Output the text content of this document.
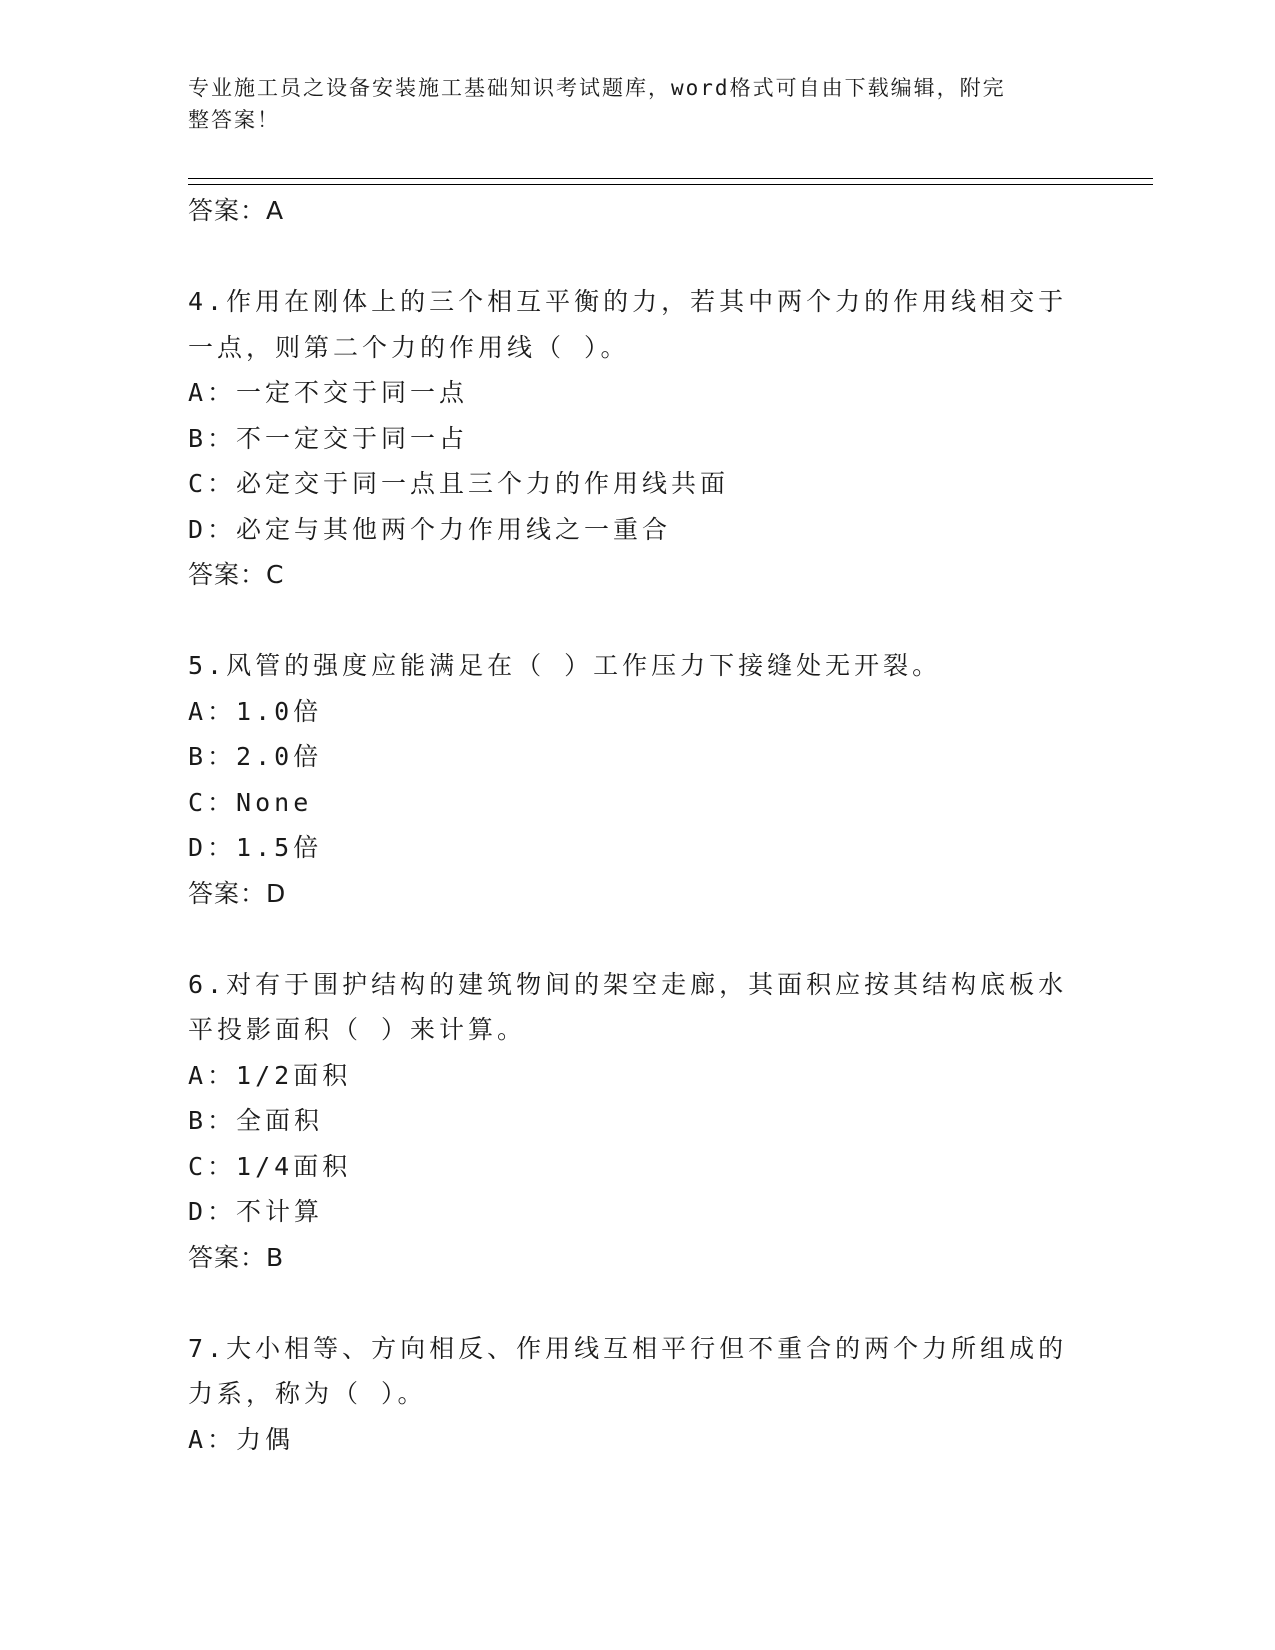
专业施工员之设备安装施工基础知识考试题库，word格式可自由下载编辑，附完
整答案！
答案：A
4.作用在刚体上的三个相互平衡的力，若其中两个力的作用线相交于
一点，则第二个力的作用线（ ）。
A：一定不交于同一点
B：不一定交于同一占
C：必定交于同一点且三个力的作用线共面
D：必定与其他两个力作用线之一重合
答案：C
5.风管的强度应能满足在（ ）工作压力下接缝处无开裂。
A：1.0倍
B：2.0倍
C：None
D：1.5倍
答案：D
6.对有于围护结构的建筑物间的架空走廊，其面积应按其结构底板水
平投影面积（ ）来计算。
A：1/2面积
B：全面积
C：1/4面积
D：不计算
答案：B
7.大小相等、方向相反、作用线互相平行但不重合的两个力所组成的
力系，称为（ ）。
A：力偶
